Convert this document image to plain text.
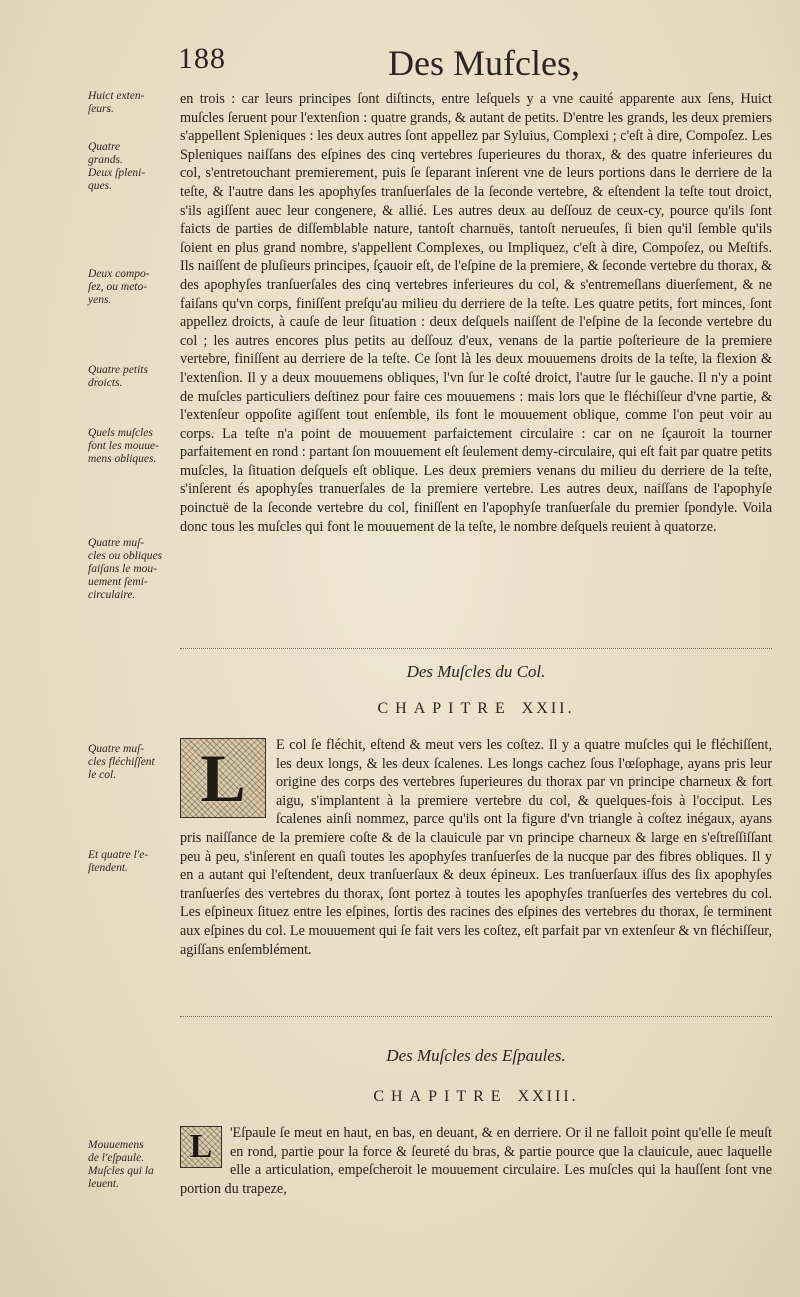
188	Des Mufcles,
Huict exten-
ſeurs.
Quatre
grands.
Deux ſpleni-
ques.
Deux compo-
ſez, ou meto-
yens.
Quatre petits
droicts.
Quels muſcles
font les mouue-
mens obliques.
Quatre muſ-
cles ou obliques
faiſans le mou-
uement ſemi-
circulaire.
Quatre muſ-
cles fléchiſſent
le col.
Et quatre l'e-
ſtendent.
Mouuemens
de l'eſpaule.
Muſcles qui la
leuent.

en trois : car leurs principes ſont diſtincts, entre leſquels y a vne cauité apparente aux ſens, Huict muſcles ſeruent pour l'extenſion : quatre grands, & autant de petits. D'entre les grands, les deux premiers s'appellent Spleniques : les deux autres ſont appellez par Syluius, Complexi ; c'eſt à dire, Compoſez. Les Spleniques naiſſans des eſpines des cinq vertebres ſuperieures du thorax, & des quatre inferieures du col, s'entretouchant premierement, puis ſe ſeparant inſerent vne de leurs portions dans le derriere de la teſte, & l'autre dans les apophyſes tranſuerſales de la ſeconde vertebre, & eſtendent la teſte tout droict, s'ils agiſſent auec leur congenere, & allié. Les autres deux au deſſouz de ceux-cy, pource qu'ils ſont faicts de parties de diſſemblable nature, tantoſt charnuës, tantoſt nerueuſes, ſi bien qu'il ſemble qu'ils ſoient en plus grand nombre, s'appellent Complexes, ou Impliquez, c'eſt à dire, Compoſez, ou Meſtifs. Ils naiſſent de pluſieurs principes, ſçauoir eſt, de l'eſpine de la premiere, & ſeconde vertebre du thorax, & des apophyſes tranſuerſales des cinq vertebres inferieures du col, & s'entremeſlans diuerſement, & ne faiſans qu'vn corps, finiſſent preſqu'au milieu du derriere de la teſte. Les quatre petits, fort minces, ſont appellez droicts, à cauſe de leur ſituation : deux deſquels naiſſent de l'eſpine de la ſeconde vertebre du col ; les autres encores plus petits au deſſouz d'eux, venans de la partie poſterieure de la premiere vertebre, finiſſent au derriere de la teſte. Ce ſont là les deux mouuemens droits de la teſte, la flexion & l'extenſion. Il y a deux mouuemens obliques, l'vn ſur le coſté droict, l'autre ſur le gauche. Il n'y a point de muſcles particuliers deſtinez pour faire ces mouuemens : mais lors que le fléchiſſeur d'vne partie, & l'extenſeur oppoſite agiſſent tout enſemble, ils font le mouuement oblique, comme l'on peut voir au corps. La teſte n'a point de mouuement parfaictement circulaire : car on ne ſçauroit la tourner parfaitement en rond : partant ſon mouuement eſt ſeulement demy-circulaire, qui eſt fait par quatre petits muſcles, la ſituation deſquels eſt oblique. Les deux premiers venans du milieu du derriere de la teſte, s'inſerent és apophyſes tranuerſales de la premiere vertebre. Les autres deux, naiſſans de l'apophyſe poinctuë de la ſeconde vertebre du col, finiſſent en l'apophyſe tranſuerſale du premier ſpondyle. Voila donc tous les muſcles qui font le mouuement de la teſte, le nombre deſquels reuient à quatorze.

Des Muſcles du Col.
CHAPITRE XXII.
L	E col ſe fléchit, eſtend & meut vers les coſtez. Il y a quatre muſcles qui le fléchiſſent, les deux longs, & les deux ſcalenes. Les longs cachez ſous l'œſophage, ayans pris leur origine des corps des vertebres ſuperieures du thorax par vn principe charneux & fort aigu, s'implantent à la premiere vertebre du col, & quelques-fois à l'occiput. Les ſcalenes ainſi nommez, parce qu'ils ont la figure d'vn triangle à coſtez inégaux, ayans pris naiſſance de la premiere coſte & de la clauicule par vn principe charneux & large en s'eſtreſſiſſant peu à peu, s'inſerent en quaſi toutes les apophyſes tranſuerſes de la nucque par des fibres obliques. Il y en a autant qui l'eſtendent, deux tranſuerſaux & deux épineux. Les tranſuerſaux iſſus des ſix apophyſes tranſuerſes des vertebres du thorax, ſont portez à toutes les apophyſes tranſuerſes des vertebres du col. Les eſpineux ſituez entre les eſpines, ſortis des racines des eſpines des vertebres du thorax, ſe terminent aux eſpines du col. Le mouuement qui ſe fait vers les coſtez, eſt parfait par vn extenſeur & vn fléchiſſeur, agiſſans enſemblément.

Des Muſcles des Eſpaules.
CHAPITRE XXIII.
L	'Eſpaule ſe meut en haut, en bas, en deuant, & en derriere. Or il ne falloit point qu'elle ſe meuſt en rond, partie pour la force & ſeureté du bras, & partie pource que la clauicule, auec laquelle elle a articulation, empeſcheroit le mouuement circulaire. Les muſcles qui la hauſſent ſont vne portion du trapeze,
